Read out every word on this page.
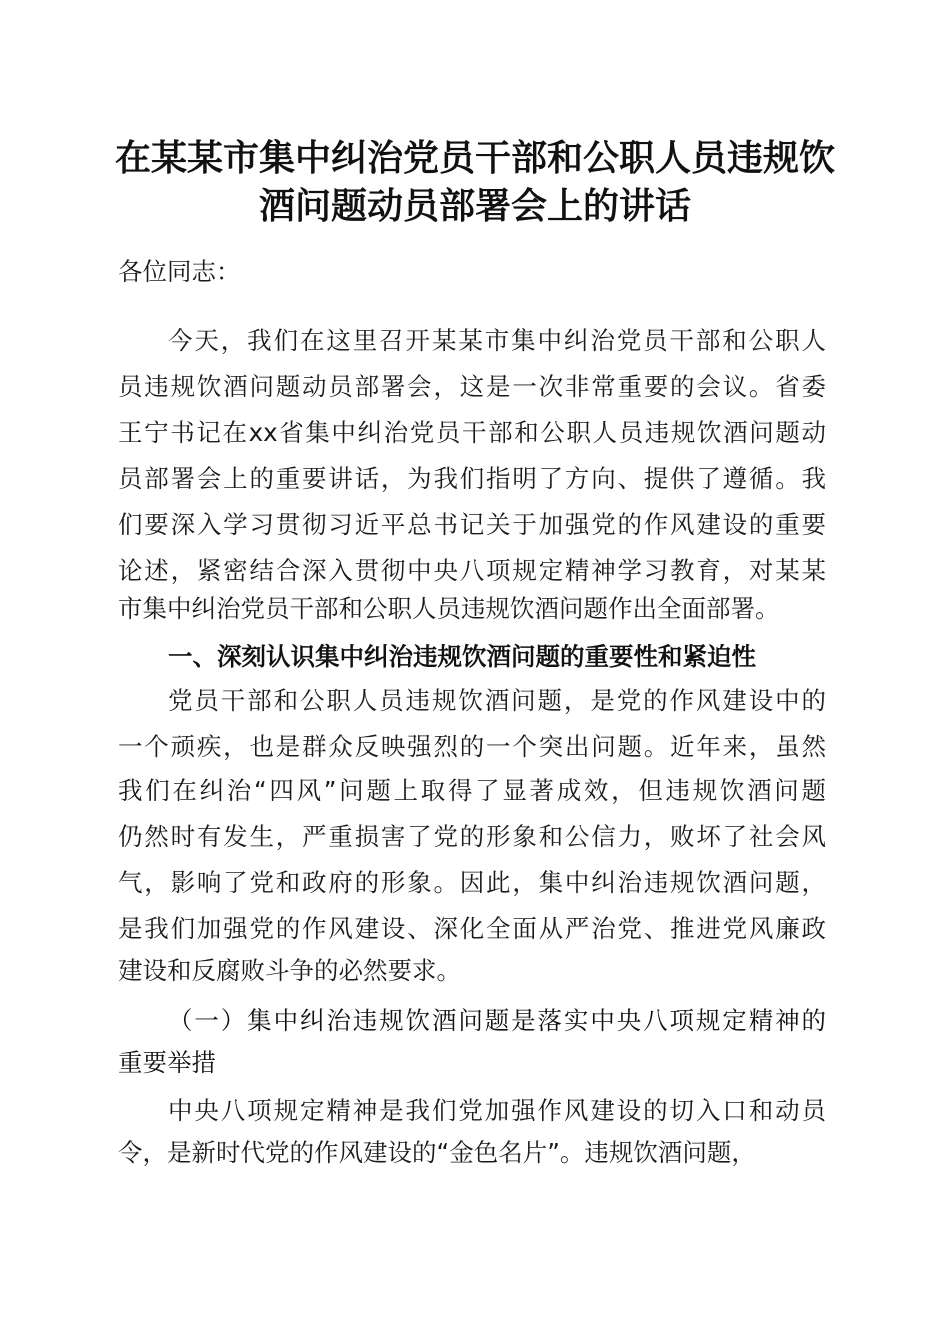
在某某市集中纠治党员干部和公职人员违规饮
酒问题动员部署会上的讲话
各位同志：
今天，我们在这里召开某某市集中纠治党员干部和公职人
员违规饮酒问题动员部署会，这是一次非常重要的会议。省委
王宁书记在xx省集中纠治党员干部和公职人员违规饮酒问题动
员部署会上的重要讲话，为我们指明了方向、提供了遵循。我
们要深入学习贯彻习近平总书记关于加强党的作风建设的重要
论述，紧密结合深入贯彻中央八项规定精神学习教育，对某某
市集中纠治党员干部和公职人员违规饮酒问题作出全面部署。
一、深刻认识集中纠治违规饮酒问题的重要性和紧迫性
党员干部和公职人员违规饮酒问题，是党的作风建设中的
一个顽疾，也是群众反映强烈的一个突出问题。近年来，虽然
我们在纠治“四风”问题上取得了显著成效，但违规饮酒问题
仍然时有发生，严重损害了党的形象和公信力，败坏了社会风
气，影响了党和政府的形象。因此，集中纠治违规饮酒问题，
是我们加强党的作风建设、深化全面从严治党、推进党风廉政
建设和反腐败斗争的必然要求。
（一）集中纠治违规饮酒问题是落实中央八项规定精神的
重要举措
中央八项规定精神是我们党加强作风建设的切入口和动员
令，是新时代党的作风建设的“金色名片”。违规饮酒问题，
